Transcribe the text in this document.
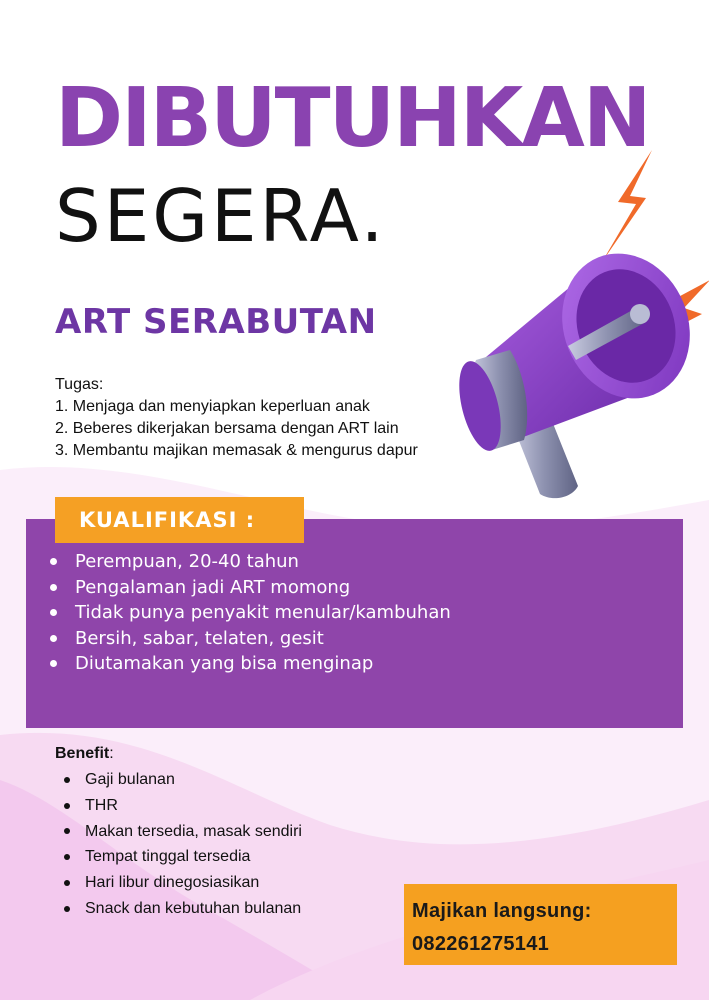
DIBUTUHKAN
SEGERA.
ART SERABUTAN
Tugas:
1. Menjaga dan menyiapkan keperluan anak
2. Beberes dikerjakan bersama dengan ART lain
3. Membantu majikan memasak & mengurus dapur
KUALIFIKASI :
Perempuan, 20-40 tahun
Pengalaman jadi ART momong
Tidak punya penyakit menular/kambuhan
Bersih, sabar, telaten, gesit
Diutamakan yang bisa menginap
Benefit:
Gaji bulanan
THR
Makan tersedia, masak sendiri
Tempat tinggal tersedia
Hari libur dinegosiasikan
Snack dan kebutuhan bulanan	Majikan langsung:
082261275141
